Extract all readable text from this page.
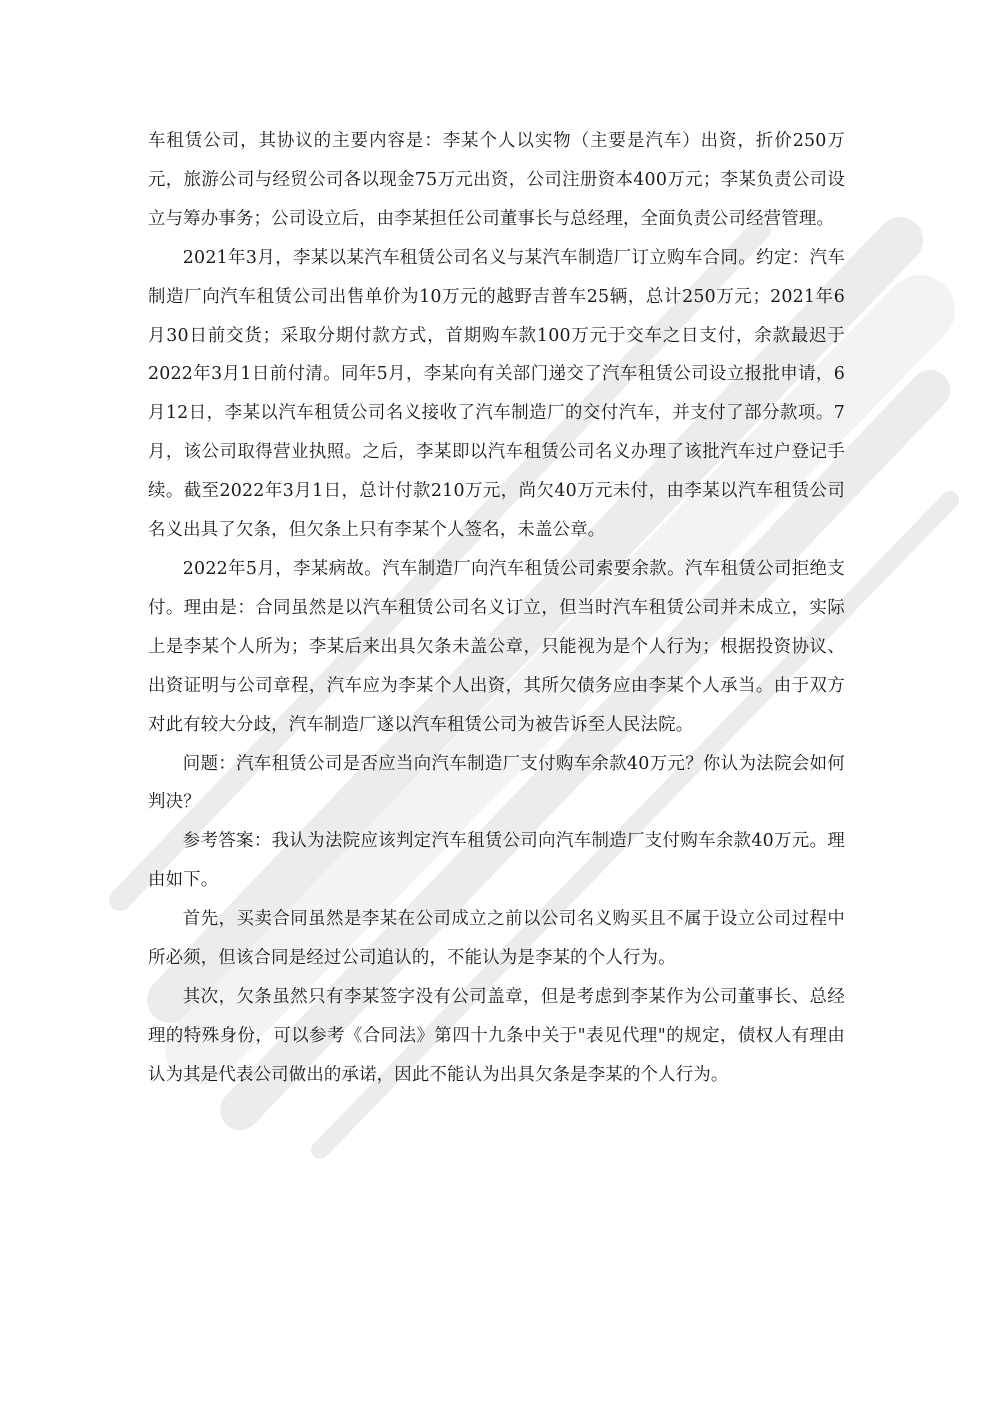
车租赁公司，其协议的主要内容是：李某个人以实物（主要是汽车）出资，折价250万元，旅游公司与经贸公司各以现金75万元出资，公司注册资本400万元；李某负责公司设立与筹办事务；公司设立后，由李某担任公司董事长与总经理，全面负责公司经营管理。

2021年3月，李某以某汽车租赁公司名义与某汽车制造厂订立购车合同。约定：汽车制造厂向汽车租赁公司出售单价为10万元的越野吉普车25辆，总计250万元；2021年6月30日前交货；采取分期付款方式，首期购车款100万元于交车之日支付，余款最迟于2022年3月1日前付清。同年5月，李某向有关部门递交了汽车租赁公司设立报批申请，6月12日，李某以汽车租赁公司名义接收了汽车制造厂的交付汽车，并支付了部分款项。7月，该公司取得营业执照。之后，李某即以汽车租赁公司名义办理了该批汽车过户登记手续。截至2022年3月1日，总计付款210万元，尚欠40万元未付，由李某以汽车租赁公司名义出具了欠条，但欠条上只有李某个人签名，未盖公章。

2022年5月，李某病故。汽车制造厂向汽车租赁公司索要余款。汽车租赁公司拒绝支付。理由是：合同虽然是以汽车租赁公司名义订立，但当时汽车租赁公司并未成立，实际上是李某个人所为；李某后来出具欠条未盖公章，只能视为是个人行为；根据投资协议、出资证明与公司章程，汽车应为李某个人出资，其所欠债务应由李某个人承当。由于双方对此有较大分歧，汽车制造厂遂以汽车租赁公司为被告诉至人民法院。

问题：汽车租赁公司是否应当向汽车制造厂支付购车余款40万元？你认为法院会如何判决？

参考答案：我认为法院应该判定汽车租赁公司向汽车制造厂支付购车余款40万元。理由如下。

首先，买卖合同虽然是李某在公司成立之前以公司名义购买且不属于设立公司过程中所必须，但该合同是经过公司追认的，不能认为是李某的个人行为。

其次，欠条虽然只有李某签字没有公司盖章，但是考虑到李某作为公司董事长、总经理的特殊身份，可以参考《合同法》第四十九条中关于"表见代理"的规定，债权人有理由认为其是代表公司做出的承诺，因此不能认为出具欠条是李某的个人行为。
